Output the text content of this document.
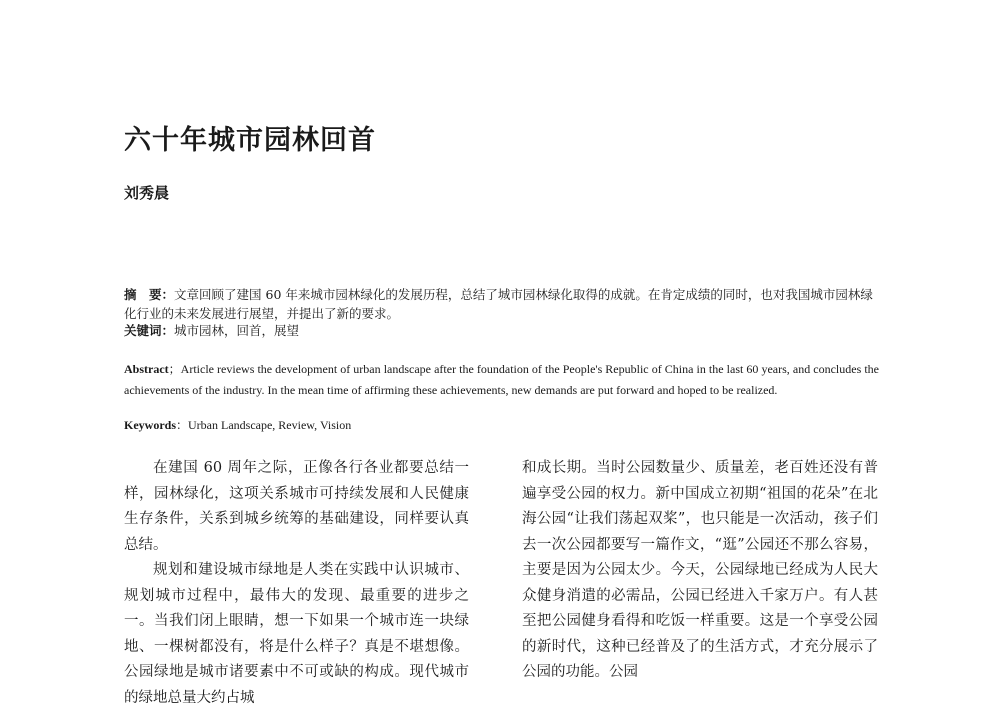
六十年城市园林回首
刘秀晨
摘　要：文章回顾了建国 60 年来城市园林绿化的发展历程，总结了城市园林绿化取得的成就。在肯定成绩的同时，也对我国城市园林绿化行业的未来发展进行展望，并提出了新的要求。
关键词：城市园林，回首，展望
Abstract；Article reviews the development of urban landscape after the foundation of the People's Republic of China in the last 60 years, and concludes the achievements of the industry. In the mean time of affirming these achievements, new demands are put forward and hoped to be realized.
Keywords：Urban Landscape, Review, Vision

在建国 60 周年之际，正像各行各业都要总结一样，园林绿化，这项关系城市可持续发展和人民健康生存条件，关系到城乡统筹的基础建设，同样要认真总结。

规划和建设城市绿地是人类在实践中认识城市、规划城市过程中，最伟大的发现、最重要的进步之一。当我们闭上眼睛，想一下如果一个城市连一块绿地、一棵树都没有，将是什么样子？真是不堪想像。公园绿地是城市诸要素中不可或缺的构成。现代城市的绿地总量大约占城

和成长期。当时公园数量少、质量差，老百姓还没有普遍享受公园的权力。新中国成立初期“祖国的花朵”在北海公园“让我们荡起双桨”，也只能是一次活动，孩子们去一次公园都要写一篇作文，“逛”公园还不那么容易，主要是因为公园太少。今天，公园绿地已经成为人民大众健身消遣的必需品，公园已经进入千家万户。有人甚至把公园健身看得和吃饭一样重要。这是一个享受公园的新时代，这种已经普及了的生活方式，才充分展示了公园的功能。公园
